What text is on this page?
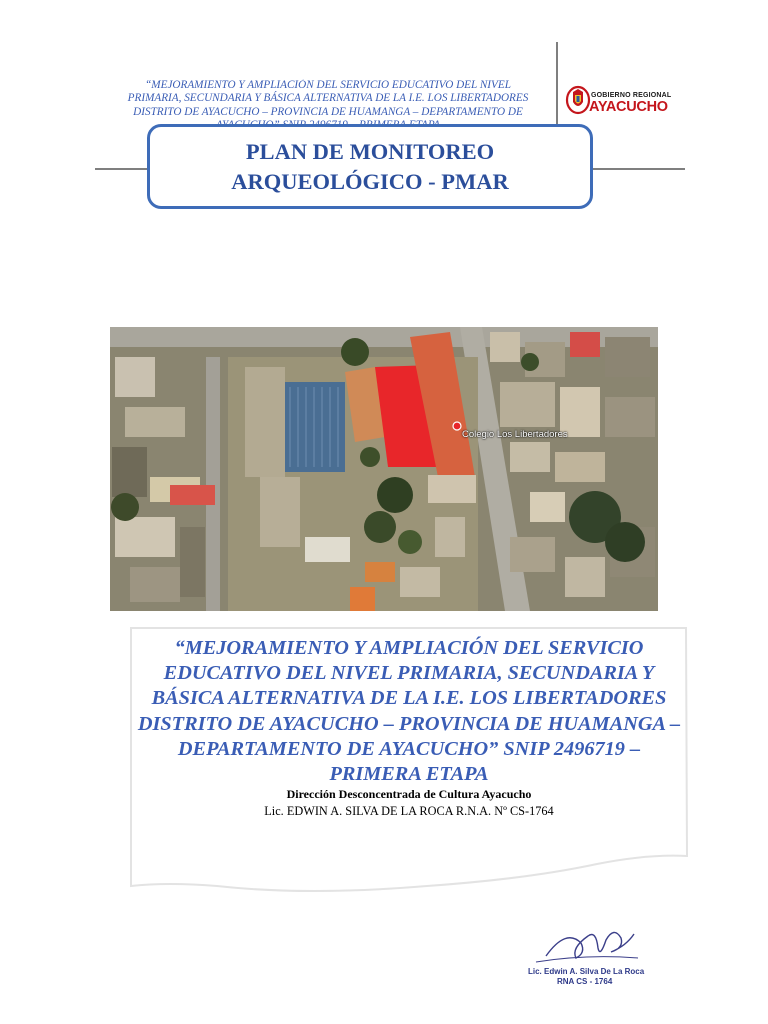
“MEJORAMIENTO Y AMPLIACIÓN DEL SERVICIO EDUCATIVO DEL NIVEL PRIMARIA, SECUNDARIA Y BÁSICA ALTERNATIVA DE LA I.E. LOS LIBERTADORES DISTRITO DE AYACUCHO – PROVINCIA DE HUAMANGA – DEPARTAMENTO DE
GOBIERNO REGIONAL
AYACUCHO
PLAN DE MONITOREO
ARQUEOLÓGICO - PMAR
Colegio Los Libertadores
“MEJORAMIENTO Y AMPLIACIÓN DEL SERVICIO EDUCATIVO DEL NIVEL PRIMARIA, SECUNDARIA Y BÁSICA ALTERNATIVA DE LA I.E. LOS LIBERTADORES DISTRITO DE AYACUCHO – PROVINCIA DE HUAMANGA – DEPARTAMENTO DE AYACUCHO” SNIP 2496719 – PRIMERA ETAPA
Dirección Desconcentrada de Cultura Ayacucho
Lic. EDWIN A. SILVA DE LA ROCA R.N.A. Nº CS-1764
Lic. Edwin A. Silva De La Roca
RNA CS - 1764
